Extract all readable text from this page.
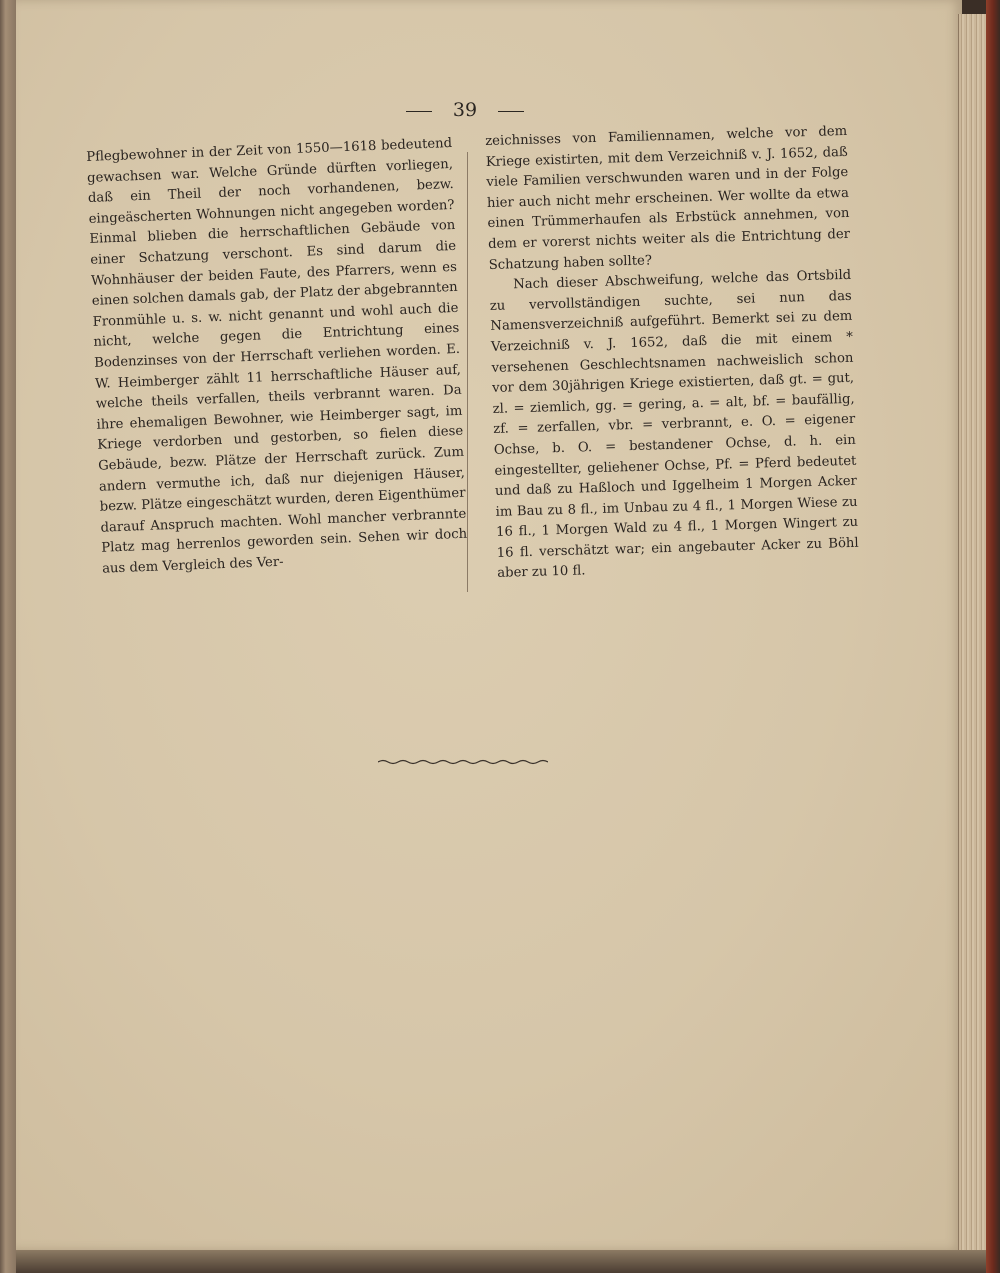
39

Pflegbewohner in der Zeit von 1550—1618 bedeutend gewachsen war. Welche Gründe dürften vorliegen, daß ein Theil der noch vorhandenen, bezw. eingeäscherten Wohnungen nicht angegeben worden? Einmal blieben die herrschaftlichen Gebäude von einer Schatzung verschont. Es sind darum die Wohnhäuser der beiden Faute, des Pfarrers, wenn es einen solchen damals gab, der Platz der abgebrannten Fronmühle u. s. w. nicht genannt und wohl auch die nicht, welche gegen die Entrichtung eines Bodenzinses von der Herrschaft verliehen worden. E. W. Heimberger zählt 11 herrschaftliche Häuser auf, welche theils verfallen, theils verbrannt waren. Da ihre ehemaligen Bewohner, wie Heimberger sagt, im Kriege verdorben und gestorben, so fielen diese Gebäude, bezw. Plätze der Herrschaft zurück. Zum andern vermuthe ich, daß nur diejenigen Häuser, bezw. Plätze eingeschätzt wurden, deren Eigenthümer darauf Anspruch machten. Wohl mancher verbrannte Platz mag herrenlos geworden sein. Sehen wir doch aus dem Vergleich des Ver-

zeichnisses von Familiennamen, welche vor dem Kriege existirten, mit dem Verzeichniß v. J. 1652, daß viele Familien verschwunden waren und in der Folge hier auch nicht mehr erscheinen. Wer wollte da etwa einen Trümmerhaufen als Erbstück annehmen, von dem er vorerst nichts weiter als die Entrichtung der Schatzung haben sollte?

Nach dieser Abschweifung, welche das Ortsbild zu vervollständigen suchte, sei nun das Namensverzeichniß aufgeführt. Bemerkt sei zu dem Verzeichniß v. J. 1652, daß die mit einem * versehenen Geschlechtsnamen nachweislich schon vor dem 30jährigen Kriege existierten, daß gt. = gut, zl. = ziemlich, gg. = gering, a. = alt, bf. = baufällig, zf. = zerfallen, vbr. = verbrannt, e. O. = eigener Ochse, b. O. = bestandener Ochse, d. h. ein eingestellter, geliehener Ochse, Pf. = Pferd bedeutet und daß zu Haßloch und Iggelheim 1 Morgen Acker im Bau zu 8 fl., im Unbau zu 4 fl., 1 Morgen Wiese zu 16 fl., 1 Morgen Wald zu 4 fl., 1 Morgen Wingert zu 16 fl. verschätzt war; ein angebauter Acker zu Böhl aber zu 10 fl.
